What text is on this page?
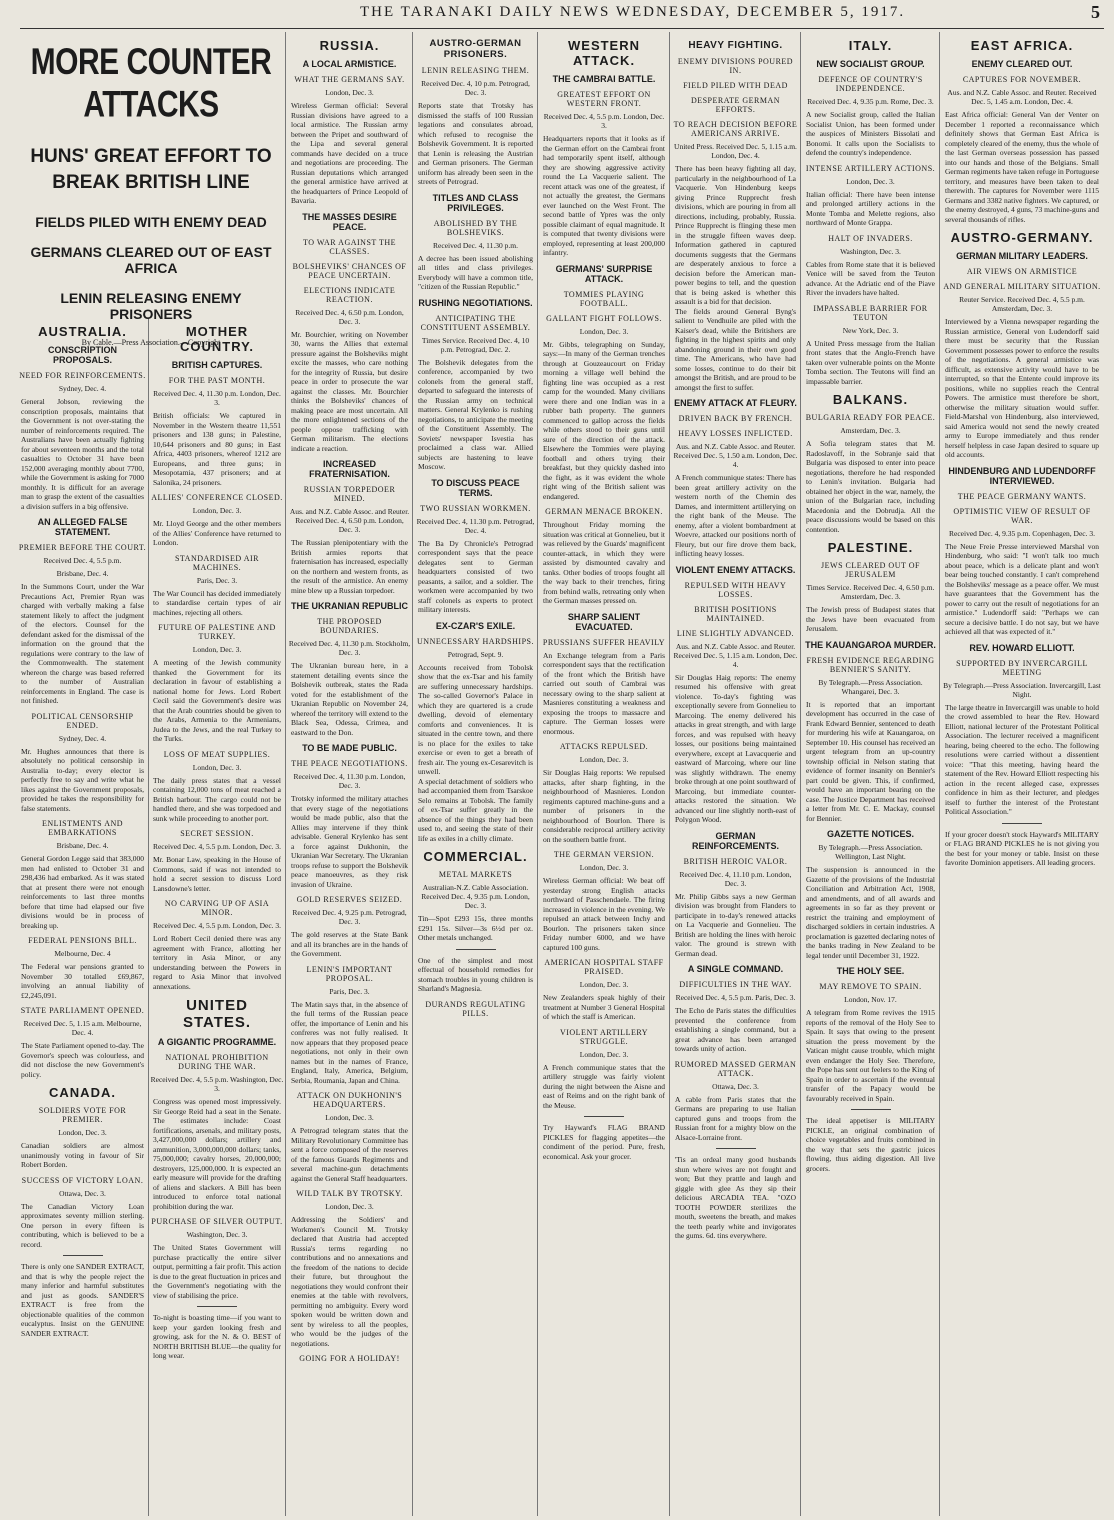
THE TARANAKI DAILY NEWS WEDNESDAY, DECEMBER 5, 1917.	5
MORE COUNTER ATTACKS
HUNS' GREAT EFFORT TO BREAK BRITISH LINE
FIELDS PILED WITH ENEMY DEAD
GERMANS CLEARED OUT OF EAST AFRICA
LENIN RELEASING ENEMY PRISONERS
By Cable.—Press Association.—Copyright
AUSTRALIA.
CONSCRIPTION PROPOSALS.
NEED FOR REINFORCEMENTS.
Sydney, Dec. 4.
General Jobson, reviewing the conscription proposals, maintains that the Government is not over-stating the number of reinforcements required. The Australians have been actually fighting for about seventeen months and the total casualties to October 31 have been 152,000 averaging monthly about 7700, while the Government is asking for 7000 monthly. It is difficult for an average man to grasp the extent of the casualties a division suffers in a big offensive.
AN ALLEGED FALSE STATEMENT.
PREMIER BEFORE THE COURT.
Received Dec. 4, 5.5 p.m.
Brisbane, Dec. 4.
In the Summons Court, under the War Precautions Act, Premier Ryan was charged with verbally making a false statement likely to affect the judgment of the electors. Counsel for the defendant asked for the dismissal of the information on the ground that the regulations were contrary to the law of the Commonwealth. The statement whereon the charge was based referred to the number of Australian reinforcements in England. The case is not finished.
POLITICAL CENSORSHIP ENDED.
Sydney, Dec. 4.
Mr. Hughes announces that there is absolutely no political censorship in Australia to-day; every elector is perfectly free to say and write what he likes against the Government proposals, provided he takes the responsibility for false statements.
ENLISTMENTS AND EMBARKATIONS
Brisbane, Dec. 4.
General Gordon Legge said that 383,000 men had enlisted to October 31 and 298,436 had embarked. As it was stated that at present there were not enough reinforcements to last three months before that time had elapsed our five divisions would be in process of breaking up.
FEDERAL PENSIONS BILL.
Melbourne, Dec. 4
The Federal war pensions granted to November 30 totalled £69,867, involving an annual liability of £2,245,091.
STATE PARLIAMENT OPENED.
Received Dec. 5, 1.15 a.m. Melbourne, Dec. 4.
The State Parliament opened to-day. The Governor's speech was colourless, and did not disclose the new Government's policy.
CANADA.
SOLDIERS VOTE FOR PREMIER.
London, Dec. 3.
Canadian soldiers are almost unanimously voting in favour of Sir Robert Borden.
SUCCESS OF VICTORY LOAN.
Ottawa, Dec. 3.
The Canadian Victory Loan approximates seventy million sterling. One person in every fifteen is contributing, which is believed to be a record.
There is only one SANDER EXTRACT, and that is why the people reject the many inferior and harmful substitutes and just as goods. SANDER'S EXTRACT is free from the objectionable qualities of the common eucalyptus. Insist on the GENUINE SANDER EXTRACT.
MOTHER COUNTRY.
BRITISH CAPTURES.
FOR THE PAST MONTH.
Received Dec. 4, 11.30 p.m. London, Dec. 3.
British officials: We captured in November in the Western theatre 11,551 prisoners and 138 guns; in Palestine, 10,644 prisoners and 80 guns; in East Africa, 4403 prisoners, whereof 1212 are Europeans, and three guns; in Mesopotamia, 437 prisoners; and at Salonika, 24 prisoners.
ALLIES' CONFERENCE CLOSED.
London, Dec. 3.
Mr. Lloyd George and the other members of the Allies' Conference have returned to London.
STANDARDISED AIR MACHINES.
Paris, Dec. 3.
The War Council has decided immediately to standardise certain types of air machines, rejecting all others.
FUTURE OF PALESTINE AND TURKEY.
London, Dec. 3.
A meeting of the Jewish community thanked the Government for its declaration in favour of establishing a national home for Jews. Lord Robert Cecil said the Government's desire was that the Arab countries should be given to the Arabs, Armenia to the Armenians, Judea to the Jews, and the real Turkey to the Turks.
LOSS OF MEAT SUPPLIES.
London, Dec. 3.
The daily press states that a vessel containing 12,000 tons of meat reached a British harbour. The cargo could not be handled there, and she was torpedoed and sunk while proceeding to another port.
SECRET SESSION.
Received Dec. 4, 5.5 p.m. London, Dec. 3.
Mr. Bonar Law, speaking in the House of Commons, said if was not intended to hold a secret session to discuss Lord Lansdowne's letter.
NO CARVING UP OF ASIA MINOR.
Received Dec. 4, 5.5 p.m. London, Dec. 3.
Lord Robert Cecil denied there was any agreement with France, allotting her territory in Asia Minor, or any understanding between the Powers in regard to Asia Minor that involved annexations.
UNITED STATES.
A GIGANTIC PROGRAMME.
NATIONAL PROHIBITION DURING THE WAR.
Received Dec. 4, 5.5 p.m. Washington, Dec. 3.
Congress was opened most impressively. Sir George Reid had a seat in the Senate. The estimates include: Coast fortifications, arsenals, and military posts, 3,427,000,000 dollars; artillery and ammunition, 3,000,000,000 dollars; tanks, 75,000,000; cavalry horses, 20,000,000; destroyers, 125,000,000. It is expected an early measure will provide for the drafting of aliens and slackers. A Bill has been introduced to enforce total national prohibition during the war.
PURCHASE OF SILVER OUTPUT.
Washington, Dec. 3.
The United States Government will purchase practically the entire silver output, permitting a fair profit. This action is due to the great fluctuation in prices and the Government's negotiating with the view of stabilising the price.
To-night is boasting time—if you want to keep your garden looking fresh and growing, ask for the N. & O. BEST of NORTH BRITISH BLUE—the quality for long wear.
RUSSIA.
A LOCAL ARMISTICE.
WHAT THE GERMANS SAY.
London, Dec. 3.
Wireless German official: Several Russian divisions have agreed to a local armistice. The Russian army between the Pripet and southward of the Lipa and several general commands have decided on a truce and negotiations are proceeding. The Russian deputations which arranged the general armistice have arrived at the headquarters of Prince Leopold of Bavaria.
THE MASSES DESIRE PEACE.
TO WAR AGAINST THE CLASSES.
BOLSHEVIKS' CHANCES OF PEACE UNCERTAIN.
ELECTIONS INDICATE REACTION.
Received Dec. 4, 6.50 p.m. London, Dec. 3.
Mr. Bourchier, writing on November 30, warns the Allies that external pressure against the Bolsheviks might excite the masses, who care nothing for the integrity of Russia, but desire peace in order to prosecute the war against the classes. Mr. Bourchier thinks the Bolsheviks' chances of making peace are most uncertain. All the more enlightened sections of the people oppose trafficking with German militarism. The elections indicate a reaction.
INCREASED FRATERNISATION.
RUSSIAN TORPEDOER MINED.
Aus. and N.Z. Cable Assoc. and Reuter. Received Dec. 4, 6.50 p.m. London, Dec. 3.
The Russian plenipotentiary with the British armies reports that fraternisation has increased, especially on the northern and western fronts, as the result of the armistice. An enemy mine blew up a Russian torpedoer.
THE UKRANIAN REPUBLIC
THE PROPOSED BOUNDARIES.
Received Dec. 4, 11.30 p.m. Stockholm, Dec. 3.
The Ukranian bureau here, in a statement detailing events since the Bolshevik outbreak, states the Rada voted for the establishment of the Ukranian Republic on November 24, whereof the territory will extend to the Black Sea, Odessa, Crimea, and eastward to the Don.
TO BE MADE PUBLIC.
THE PEACE NEGOTIATIONS.
Received Dec. 4, 11.30 p.m. London, Dec. 3.
Trotsky informed the military attaches that every stage of the negotiations would be made public, also that the Allies may intervene if they think advisable. General Krylenko has sent a force against Dukhonin, the Ukranian War Secretary. The Ukranian troops refuse to support the Bolshevik peace manoeuvres, as they risk invasion of Ukraine.
GOLD RESERVES SEIZED.
Received Dec. 4, 9.25 p.m. Petrograd, Dec. 3.
The gold reserves at the State Bank and all its branches are in the hands of the Government.
LENIN'S IMPORTANT PROPOSAL.
Paris, Dec. 3.
The Matin says that, in the absence of the full terms of the Russian peace offer, the importance of Lenin and his confreres was not fully realised. It now appears that they proposed peace negotiations, not only in their own names but in the names of France, England, Italy, America, Belgium, Serbia, Roumania, Japan and China.
ATTACK ON DUKHONIN'S HEADQUARTERS.
London, Dec. 3.
A Petrograd telegram states that the Military Revolutionary Committee has sent a force composed of the reserves of the famous Guards Regiments and several machine-gun detachments against the General Staff headquarters.
WILD TALK BY TROTSKY.
London, Dec. 3.
Addressing the Soldiers' and Workmen's Council M. Trotsky declared that Austria had accepted Russia's terms regarding no contributions and no annexations and the freedom of the nations to decide their future, but throughout the negotiations they would confront their enemies at the table with revolvers, permitting no ambiguity. Every word spoken would be written down and sent by wireless to all the peoples, who would be the judges of the negotiations.
GOING FOR A HOLIDAY!
AUSTRO-GERMAN PRISONERS.
LENIN RELEASING THEM.
Received Dec. 4, 10 p.m. Petrograd, Dec. 3.
Reports state that Trotsky has dismissed the staffs of 100 Russian legations and consulates abroad, which refused to recognise the Bolshevik Government. It is reported that Lenin is releasing the Austrian and German prisoners. The German uniform has already been seen in the streets of Petrograd.
TITLES AND CLASS PRIVILEGES.
ABOLISHED BY THE BOLSHEVIKS.
Received Dec. 4, 11.30 p.m.
A decree has been issued abolishing all titles and class privileges. Everybody will have a common title, "citizen of the Russian Republic."
RUSHING NEGOTIATIONS.
ANTICIPATING THE CONSTITUENT ASSEMBLY.
Times Service. Received Dec. 4, 10 p.m. Petrograd, Dec. 2.
The Bolshevik delegates from the conference, accompanied by two colonels from the general staff, departed to safeguard the interests of the Russian army on technical matters. General Krylenko is rushing negotiations, to anticipate the meeting of the Constituent Assembly. The Soviets' newspaper Isvestia has proclaimed a class war. Allied subjects are hastening to leave Moscow.
TO DISCUSS PEACE TERMS.
TWO RUSSIAN WORKMEN.
Received Dec. 4, 11.30 p.m. Petrograd, Dec. 4.
The Ba Dy Chronicle's Petrograd correspondent says that the peace delegates sent to German headquarters consisted of two peasants, a sailor, and a soldier. The workmen were accompanied by two staff colonels as experts to protect military interests.
EX-CZAR'S EXILE.
UNNECESSARY HARDSHIPS.
Petrograd, Sept. 9.
Accounts received from Tobolsk show that the ex-Tsar and his family are suffering unnecessary hardships. The so-called Governor's Palace in which they are quartered is a crude dwelling, devoid of elementary comforts and conveniences. It is situated in the centre town, and there is no place for the exiles to take exercise or even to get a breath of fresh air. The young ex-Cesarevitch is unwell.
A special detachment of soldiers who had accompanied them from Tsarskoe Selo remains at Tobolsk. The family of ex-Tsar suffer greatly in the absence of the things they had been used to, and seeing the state of their life as exiles in a chilly climate.
COMMERCIAL.
METAL MARKETS
Australian-N.Z. Cable Association. Received Dec. 4, 9.35 p.m. London, Dec. 3.
Tin—Spot £293 15s, three months £291 15s. Silver—3s 6½d per oz. Other metals unchanged.
One of the simplest and most effectual of household remedies for stomach troubles in young children is Sharland's Magnesia.
DURANDS REGULATING PILLS.
WESTERN ATTACK.
THE CAMBRAI BATTLE.
GREATEST EFFORT ON WESTERN FRONT.
Received Dec. 4, 5.5 p.m. London, Dec. 3.
Headquarters reports that it looks as if the German effort on the Cambrai front had temporarily spent itself, although they are showing aggressive activity round the La Vacquerie salient. The recent attack was one of the greatest, if not actually the greatest, the Germans ever launched on the West Front. The second battle of Ypres was the only possible claimant of equal magnitude. It is computed that twenty divisions were employed, representing at least 200,000 infantry.
GERMANS' SURPRISE ATTACK.
TOMMIES PLAYING FOOTBALL.
GALLANT FIGHT FOLLOWS.
London, Dec. 3.
Mr. Gibbs, telegraphing on Sunday, says:—In many of the German trenches through at Gouzeaucourt on Friday morning a village well behind the fighting line was occupied as a rest camp for the wounded. Many civilians were there and one Indian was in a rubber bath property. The gunners commenced to gallop across the fields while others stood to their guns until sure of the direction of the attack. Elsewhere the Tommies were playing football and others trying their breakfast, but they quickly dashed into the fight, as it was evident the whole right wing of the British salient was endangered.
GERMAN MENACE BROKEN.
Throughout Friday morning the situation was critical at Gonnelieu, but it was relieved by the Guards' magnificent counter-attack, in which they were assisted by dismounted cavalry and tanks. Other bodies of troops fought all the way back to their trenches, firing from behind walls, retreating only when the German masses pressed on.
SHARP SALIENT EVACUATED.
PRUSSIANS SUFFER HEAVILY
An Exchange telegram from a Paris correspondent says that the rectification of the front which the British have carried out south of Cambrai was necessary owing to the sharp salient at Masnieres constituting a weakness and exposing the troops to massacre and capture. The German losses were enormous.
ATTACKS REPULSED.
London, Dec. 3.
Sir Douglas Haig reports: We repulsed attacks, after sharp fighting, in the neighbourhood of Masnieres. London regiments captured machine-guns and a number of prisoners in the neighbourhood of Bourlon. There is considerable reciprocal artillery activity on the southern battle front.
THE GERMAN VERSION.
London, Dec. 3.
Wireless German official: We beat off yesterday strong English attacks northward of Passchendaele. The firing increased in violence in the evening. We repulsed an attack between Inchy and Bourlon. The prisoners taken since Friday number 6000, and we have captured 100 guns.
AMERICAN HOSPITAL STAFF PRAISED.
London, Dec. 3.
New Zealanders speak highly of their treatment at Number 3 General Hospital of which the staff is American.
VIOLENT ARTILLERY STRUGGLE.
London, Dec. 3.
A French communique states that the artillery struggle was fairly violent during the night between the Aisne and east of Reims and on the right bank of the Meuse.
Try Hayward's FLAG BRAND PICKLES for flagging appetites—the condiment of the period. Pure, fresh, economical. Ask your grocer.
HEAVY FIGHTING.
ENEMY DIVISIONS POURED IN.
FIELD PILED WITH DEAD
DESPERATE GERMAN EFFORTS.
TO REACH DECISION BEFORE AMERICANS ARRIVE.
United Press. Received Dec. 5, 1.15 a.m. London, Dec. 4.
There has been heavy fighting all day, particularly in the neighbourhood of La Vacquerie. Von Hindenburg keeps giving Prince Rupprecht fresh divisions, which are pouring in from all directions, including, probably, Russia. Prince Rupprecht is flinging these men in the struggle fifteen waves deep. Information gathered in captured documents suggests that the Germans are desperately anxious to force a decision before the American man-power begins to tell, and the question that is being asked is whether this assault is a bid for that decision.
The fields around General Byng's salient to Vendhuile are piled with the Kaiser's dead, while the Britishers are fighting in the highest spirits and only abandoning ground in their own good time. The Americans, who have had some losses, continue to do their bit amongst the British, and are proud to be amongst the first to suffer.
ENEMY ATTACK AT FLEURY.
DRIVEN BACK BY FRENCH.
HEAVY LOSSES INFLICTED.
Aus. and N.Z. Cable Assoc. and Reuter. Received Dec. 5, 1.50 a.m. London, Dec. 4.
A French communique states: There has been great artillery activity on the western north of the Chemin des Dames, and intermittent artillerying on the right bank of the Meuse. The enemy, after a violent bombardment at Woevre, attacked our positions north of Fleury, but our fire drove them back, inflicting heavy losses.
VIOLENT ENEMY ATTACKS.
REPULSED WITH HEAVY LOSSES.
BRITISH POSITIONS MAINTAINED.
LINE SLIGHTLY ADVANCED.
Aus. and N.Z. Cable Assoc. and Reuter. Received Dec. 5, 1.15 a.m. London, Dec. 4.
Sir Douglas Haig reports: The enemy resumed his offensive with great violence. To-day's fighting was exceptionally severe from Gonnelieu to Marcoing. The enemy delivered his attacks in great strength, and with large forces, and was repulsed with heavy losses, our positions being maintained everywhere, except at Lavacquerie and eastward of Marcoing, where our line was slightly withdrawn. The enemy broke through at one point southward of Marcoing, but immediate counter-attacks restored the situation. We advanced our line slightly north-east of Polygon Wood.
GERMAN REINFORCEMENTS.
BRITISH HEROIC VALOR.
Received Dec. 4, 11.10 p.m. London, Dec. 3.
Mr. Philip Gibbs says a new German division was brought from Flanders to participate in to-day's renewed attacks on La Vacquerie and Gonnelieu. The British are holding the lines with heroic valor. The ground is strewn with German dead.
A SINGLE COMMAND.
DIFFICULTIES IN THE WAY.
Received Dec. 4, 5.5 p.m. Paris, Dec. 3.
The Echo de Paris states the difficulties prevented the conference from establishing a single command, but a great advance has been arranged towards unity of action.
RUMORED MASSED GERMAN ATTACK.
Ottawa, Dec. 3.
A cable from Paris states that the Germans are preparing to use Italian captured guns and troops from the Russian front for a mighty blow on the Alsace-Lorraine front.
'Tis an ordeal many good husbands shun where wives are not fought and won; But they prattle and laugh and giggle with glee As they sip their delicious ARCADIA TEA. "OZO TOOTH POWDER sterilizes the mouth, sweetens the breath, and makes the teeth pearly white and invigorates the gums. 6d. tins everywhere.
ITALY.
NEW SOCIALIST GROUP.
DEFENCE OF COUNTRY'S INDEPENDENCE.
Received Dec. 4, 9.35 p.m. Rome, Dec. 3.
A new Socialist group, called the Italian Socialist Union, has been formed under the auspices of Ministers Bissolati and Bonomi. It calls upon the Socialists to defend the country's independence.
INTENSE ARTILLERY ACTIONS.
London, Dec. 3.
Italian official: There have been intense and prolonged artillery actions in the Monte Tomba and Melette regions, also northward of Monte Grappa.
HALT OF INVADERS.
Washington, Dec. 3.
Cables from Rome state that it is believed Venice will be saved from the Teuton advance. At the Adriatic end of the Piave River the invaders have halted.
IMPASSABLE BARRIER FOR TEUTON
New York, Dec. 3.
A United Press message from the Italian front states that the Anglo-French have taken over vulnerable points on the Monte Tomba section. The Teutons will find an impassable barrier.
BALKANS.
BULGARIA READY FOR PEACE.
Amsterdam, Dec. 3.
A Sofia telegram states that M. Radoslavoff, in the Sobranje said that Bulgaria was disposed to enter into peace negotiations, therefore he had responded to Lenin's invitation. Bulgaria had obtained her object in the war, namely, the union of the Bulgarian race, including Macedonia and the Dobrudja. All the peace discussions would be based on this contention.
PALESTINE.
JEWS CLEARED OUT OF JERUSALEM
Times Service. Received Dec. 4, 6.50 p.m. Amsterdam, Dec. 3.
The Jewish press of Budapest states that the Jews have been evacuated from Jerusalem.
THE KAUANGAROA MURDER.
FRESH EVIDENCE REGARDING BENNIER'S SANITY.
By Telegraph.—Press Association. Whangarei, Dec. 3.
It is reported that an important development has occurred in the case of Frank Edward Bennier, sentenced to death for murdering his wife at Kauangaroa, on September 10. His counsel has received an urgent telegram from an up-country township official in Nelson stating that evidence of former insanity on Bennier's part could be given. This, if confirmed, would have an important bearing on the case. The Justice Department has received a letter from Mr. C. E. Mackay, counsel for Bennier.
GAZETTE NOTICES.
By Telegraph.—Press Association. Wellington, Last Night.
The suspension is announced in the Gazette of the provisions of the Industrial Conciliation and Arbitration Act, 1908, and amendments, and of all awards and agreements in so far as they prevent or restrict the training and employment of discharged soldiers in certain industries. A proclamation is gazetted declaring notes of the banks trading in New Zealand to be legal tender until December 31, 1922.
THE HOLY SEE.
MAY REMOVE TO SPAIN.
London, Nov. 17.
A telegram from Rome revives the 1915 reports of the removal of the Holy See to Spain. It says that owing to the present situation the press movement by the Vatican might cause trouble, which might even endanger the Holy See. Therefore, the Pope has sent out feelers to the King of Spain in order to ascertain if the eventual transfer of the Papacy would be favourably received in Spain.
The ideal appetiser is MILITARY PICKLE, an original combination of choice vegetables and fruits combined in the way that sets the gastric juices flowing, thus aiding digestion. All live grocers.
EAST AFRICA.
ENEMY CLEARED OUT.
CAPTURES FOR NOVEMBER.
Aus. and N.Z. Cable Assoc. and Reuter. Received Dec. 5, 1.45 a.m. London, Dec. 4.
East Africa official: General Van der Venter on December 1 reported a reconnaissance which definitely shows that German East Africa is completely cleared of the enemy, thus the whole of the last German overseas possession has passed into our hands and those of the Belgians. Small German regiments have taken refuge in Portuguese territory, and measures have been taken to deal therewith. The captures for November were 1115 Germans and 3382 native fighters. We captured, or the enemy destroyed, 4 guns, 73 machine-guns and several thousands of rifles.
AUSTRO-GERMANY.
GERMAN MILITARY LEADERS.
AIR VIEWS ON ARMISTICE
AND GENERAL MILITARY SITUATION.
Reuter Service. Received Dec. 4, 5.5 p.m. Amsterdam, Dec. 3.
Interviewed by a Vienna newspaper regarding the Russian armistice, General von Ludendorff said there must be security that the Russian Government possesses power to enforce the results of the negotiations. A general armistice was difficult, as extensive activity would have to be interrupted, so that the Entente could improve its positions, while no supplies reach the Central Powers. The armistice must therefore be short, otherwise the military situation would suffer. Field-Marshal von Hindenburg, also interviewed, said America would not send the newly created army to Europe immediately and thus render herself helpless in case Japan desired to square up old accounts.
HINDENBURG AND LUDENDORFF INTERVIEWED.
THE PEACE GERMANY WANTS.
OPTIMISTIC VIEW OF RESULT OF WAR.
Received Dec. 4, 9.35 p.m. Copenhagen, Dec. 3.
The Neue Freie Presse interviewed Marshal von Hindenburg, who said: "I won't talk too much about peace, which is a delicate plant and won't bear being touched constantly. I can't comprehend the Bolsheviks' message as a peace offer. We must have guarantees that the Government has the power to carry out the result of negotiations for an armistice." Ludendorff said: "Perhaps we can secure a decisive battle. I do not say, but we have achieved all that was expected of it."
REV. HOWARD ELLIOTT.
SUPPORTED BY INVERCARGILL MEETING
By Telegraph.—Press Association. Invercargill, Last Night.
The large theatre in Invercargill was unable to hold the crowd assembled to hear the Rev. Howard Elliott, national lecturer of the Protestant Political Association. The lecturer received a magnificent hearing, being cheered to the echo. The following resolutions were carried without a dissentient voice: "That this meeting, having heard the statement of the Rev. Howard Elliott respecting his action in the recent alleged case, expresses confidence in him as their lecturer, and pledges itself to further the interest of the Protestant Political Association."
If your grocer doesn't stock Hayward's MILITARY or FLAG BRAND PICKLES he is not giving you the best for your money or table. Insist on these favorite Dominion appetisers. All leading grocers.
